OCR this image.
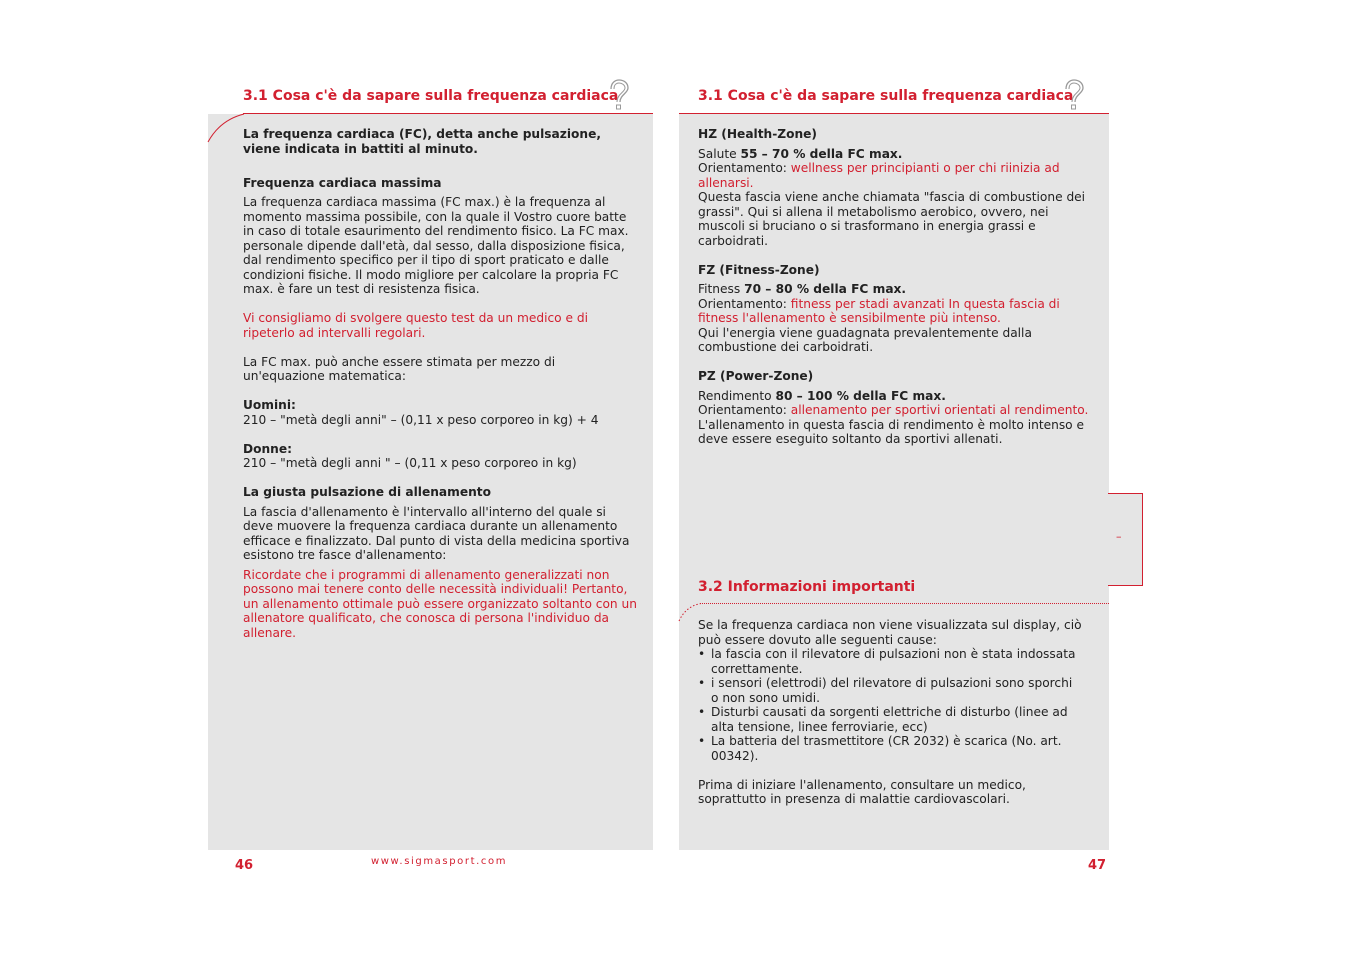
3.1 Cosa c'è da sapare sulla frequenza cardiaca

La frequenza cardiaca (FC), detta anche pulsazione, viene indicata in battiti al minuto.

Frequenza cardiaca massima

La frequenza cardiaca massima (FC max.) è la frequenza al momento massima possibile, con la quale il Vostro cuore batte in caso di totale esaurimento del rendimento fisico. La FC max. personale dipende dall'età, dal sesso, dalla disposizione fisica, dal rendimento specifico per il tipo di sport praticato e dalle condizioni fisiche. Il modo migliore per calcolare la propria FC max. è fare un test di resistenza fisica.

Vi consigliamo di svolgere questo test da un medico e di ripeterlo ad intervalli regolari.

La FC max. può anche essere stimata per mezzo di un'equazione matematica:

Uomini:

210 – "metà degli anni" – (0,11 x peso corporeo in kg) + 4

Donne:

210 – "metà degli anni " – (0,11 x peso corporeo in kg)

La giusta pulsazione di allenamento

La fascia d'allenamento è l'intervallo all'interno del quale si deve muovere la frequenza cardiaca durante un allenamento efficace e finalizzato. Dal punto di vista della medicina sportiva esistono tre fasce d'allenamento:

Ricordate che i programmi di allenamento generalizzati non possono mai tenere conto delle necessità individuali! Pertanto, un allenamento ottimale può essere organizzato soltanto con un allenatore qualificato, che conosca di persona l'individuo da allenare.

46	www.sigmasport.com
3.1 Cosa c'è da sapare sulla frequenza cardiaca

HZ (Health-Zone)

Salute 55 – 70 % della FC max.

Orientamento: wellness per principianti o per chi riinizia ad allenarsi.

Questa fascia viene anche chiamata "fascia di combustione dei grassi". Qui si allena il metabolismo aerobico, ovvero, nei muscoli si bruciano o si trasformano in energia grassi e carboidrati.

FZ (Fitness-Zone)

Fitness 70 – 80 % della FC max.

Orientamento: fitness per stadi avanzati In questa fascia di fitness l'allenamento è sensibilmente più intenso.

Qui l'energia viene guadagnata prevalentemente dalla combustione dei carboidrati.

PZ (Power-Zone)

Rendimento 80 – 100 % della FC max.

Orientamento: allenamento per sportivi orientati al rendimento.

L'allenamento in questa fascia di rendimento è molto intenso e deve essere eseguito soltanto da sportivi allenati.

–
3.2 Informazioni importanti

Se la frequenza cardiaca non viene visualizzata sul display, ciò può essere dovuto alle seguenti cause:

• la fascia con il rilevatore di pulsazioni non è stata indossata correttamente.

• i sensori (elettrodi) del rilevatore di pulsazioni sono sporchi o non sono umidi.

• Disturbi causati da sorgenti elettriche di disturbo (linee ad alta tensione, linee ferroviarie, ecc)

• La batteria del trasmettitore (CR 2032) è scarica (No. art. 00342).

Prima di iniziare l'allenamento, consultare un medico, soprattutto in presenza di malattie cardiovascolari.

47
